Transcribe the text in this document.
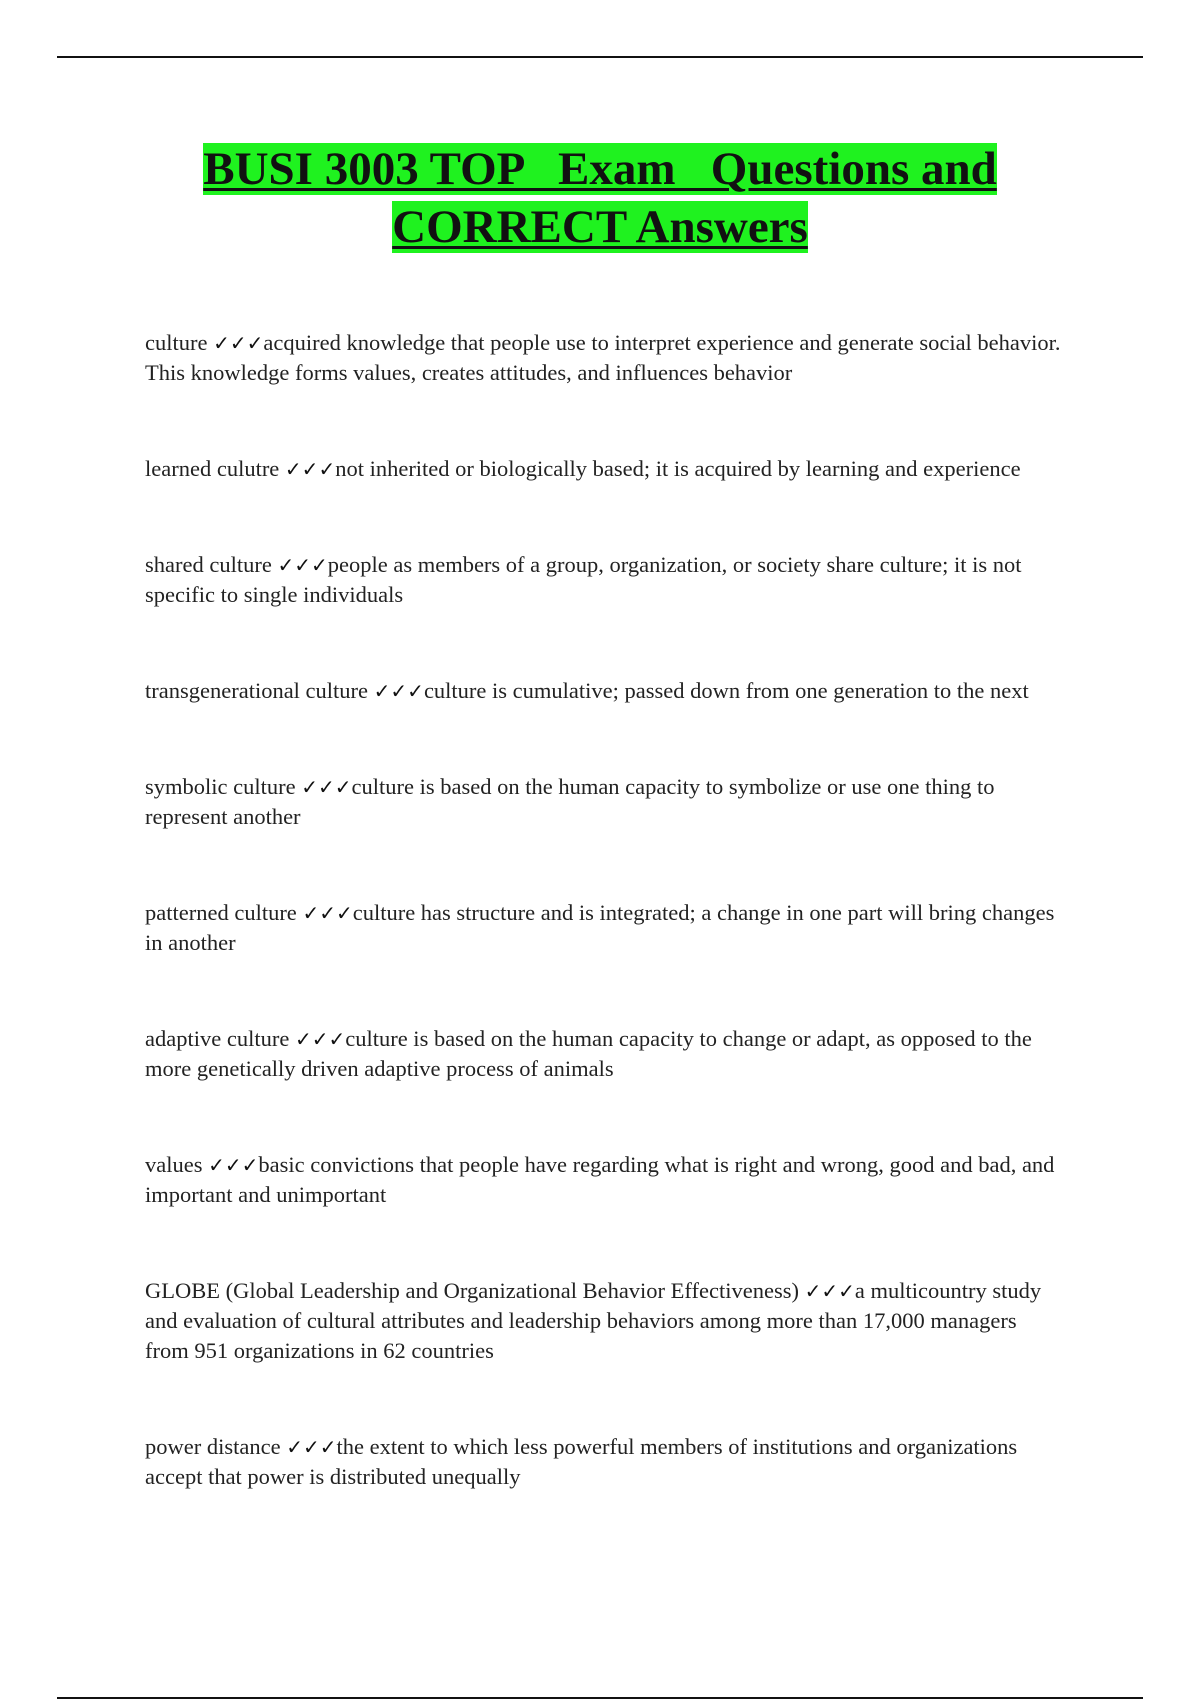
BUSI 3003 TOP   Exam   Questions and
CORRECT Answers

culture ✓✓✓acquired knowledge that people use to interpret experience and generate social behavior. This knowledge forms values, creates attitudes, and influences behavior

learned culutre ✓✓✓not inherited or biologically based; it is acquired by learning and experience

shared culture ✓✓✓people as members of a group, organization, or society share culture; it is not specific to single individuals

transgenerational culture ✓✓✓culture is cumulative; passed down from one generation to the next

symbolic culture ✓✓✓culture is based on the human capacity to symbolize or use one thing to represent another

patterned culture ✓✓✓culture has structure and is integrated; a change in one part will bring changes in another

adaptive culture ✓✓✓culture is based on the human capacity to change or adapt, as opposed to the more genetically driven adaptive process of animals

values ✓✓✓basic convictions that people have regarding what is right and wrong, good and bad, and important and unimportant

GLOBE (Global Leadership and Organizational Behavior Effectiveness) ✓✓✓a multicountry study and evaluation of cultural attributes and leadership behaviors among more than 17,000 managers from 951 organizations in 62 countries

power distance ✓✓✓the extent to which less powerful members of institutions and organizations accept that power is distributed unequally
